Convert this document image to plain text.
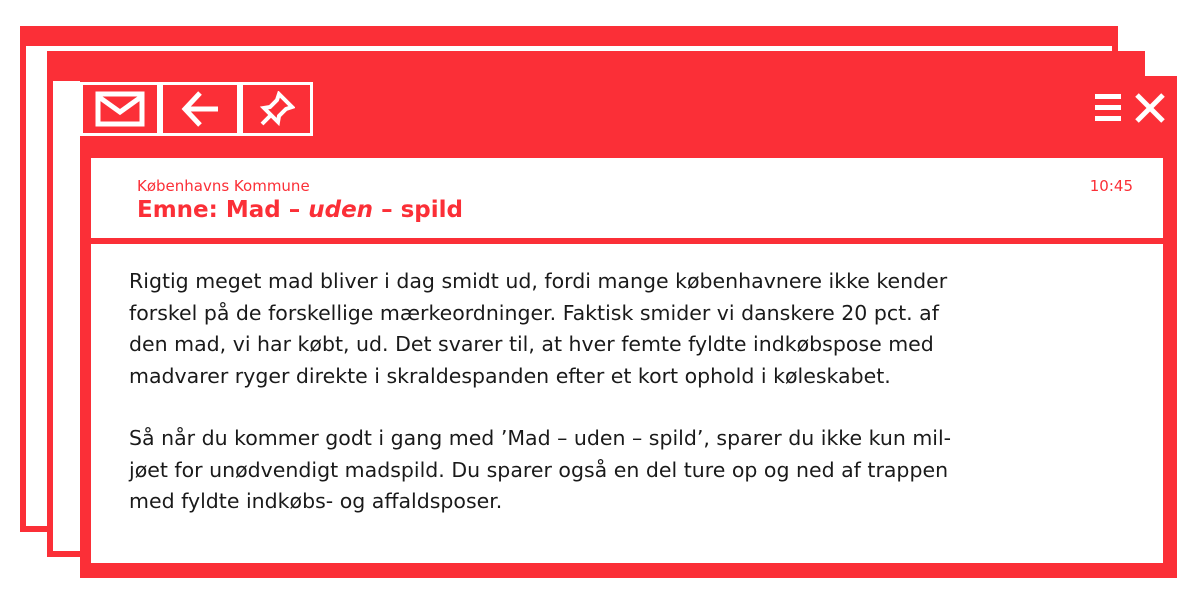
Københavns Kommune
Emne: Mad – uden – spild
10:45

Rigtig meget mad bliver i dag smidt ud, fordi mange københavnere ikke kender
forskel på de forskellige mærkeordninger. Faktisk smider vi danskere 20 pct. af
den mad, vi har købt, ud. Det svarer til, at hver femte fyldte indkøbspose med
madvarer ryger direkte i skraldespanden efter et kort ophold i køleskabet.

Så når du kommer godt i gang med ’Mad – uden – spild’, sparer du ikke kun mil-
jøet for unødvendigt madspild. Du sparer også en del ture op og ned af trappen
med fyldte indkøbs- og affaldsposer.
